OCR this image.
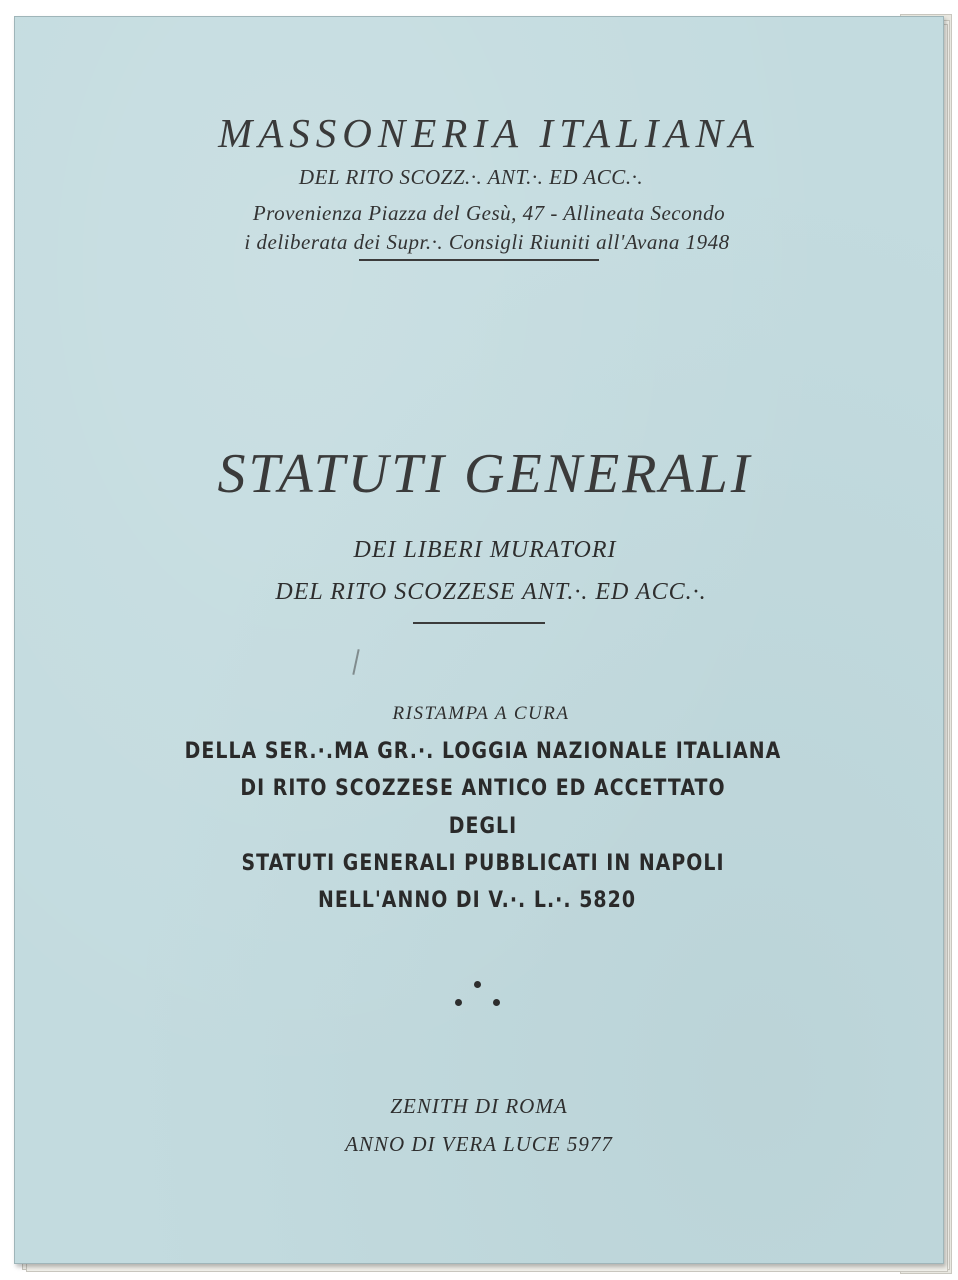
MASSONERIA ITALIANA

DEL RITO SCOZZ.·. ANT.·. ED ACC.·.

Provenienza Piazza del Gesù, 47 - Allineata Secondo

i deliberata dei Supr.·. Consigli Riuniti all'Avana 1948

STATUTI GENERALI

DEI LIBERI MURATORI

DEL RITO SCOZZESE ANT.·. ED ACC.·.

RISTAMPA A CURA

DELLA SER.·.MA GR.·. LOGGIA NAZIONALE ITALIANA

DI RITO SCOZZESE ANTICO ED ACCETTATO

DEGLI

STATUTI GENERALI PUBBLICATI IN NAPOLI

NELL'ANNO DI V.·. L.·. 5820

ZENITH DI ROMA

ANNO DI VERA LUCE 5977
